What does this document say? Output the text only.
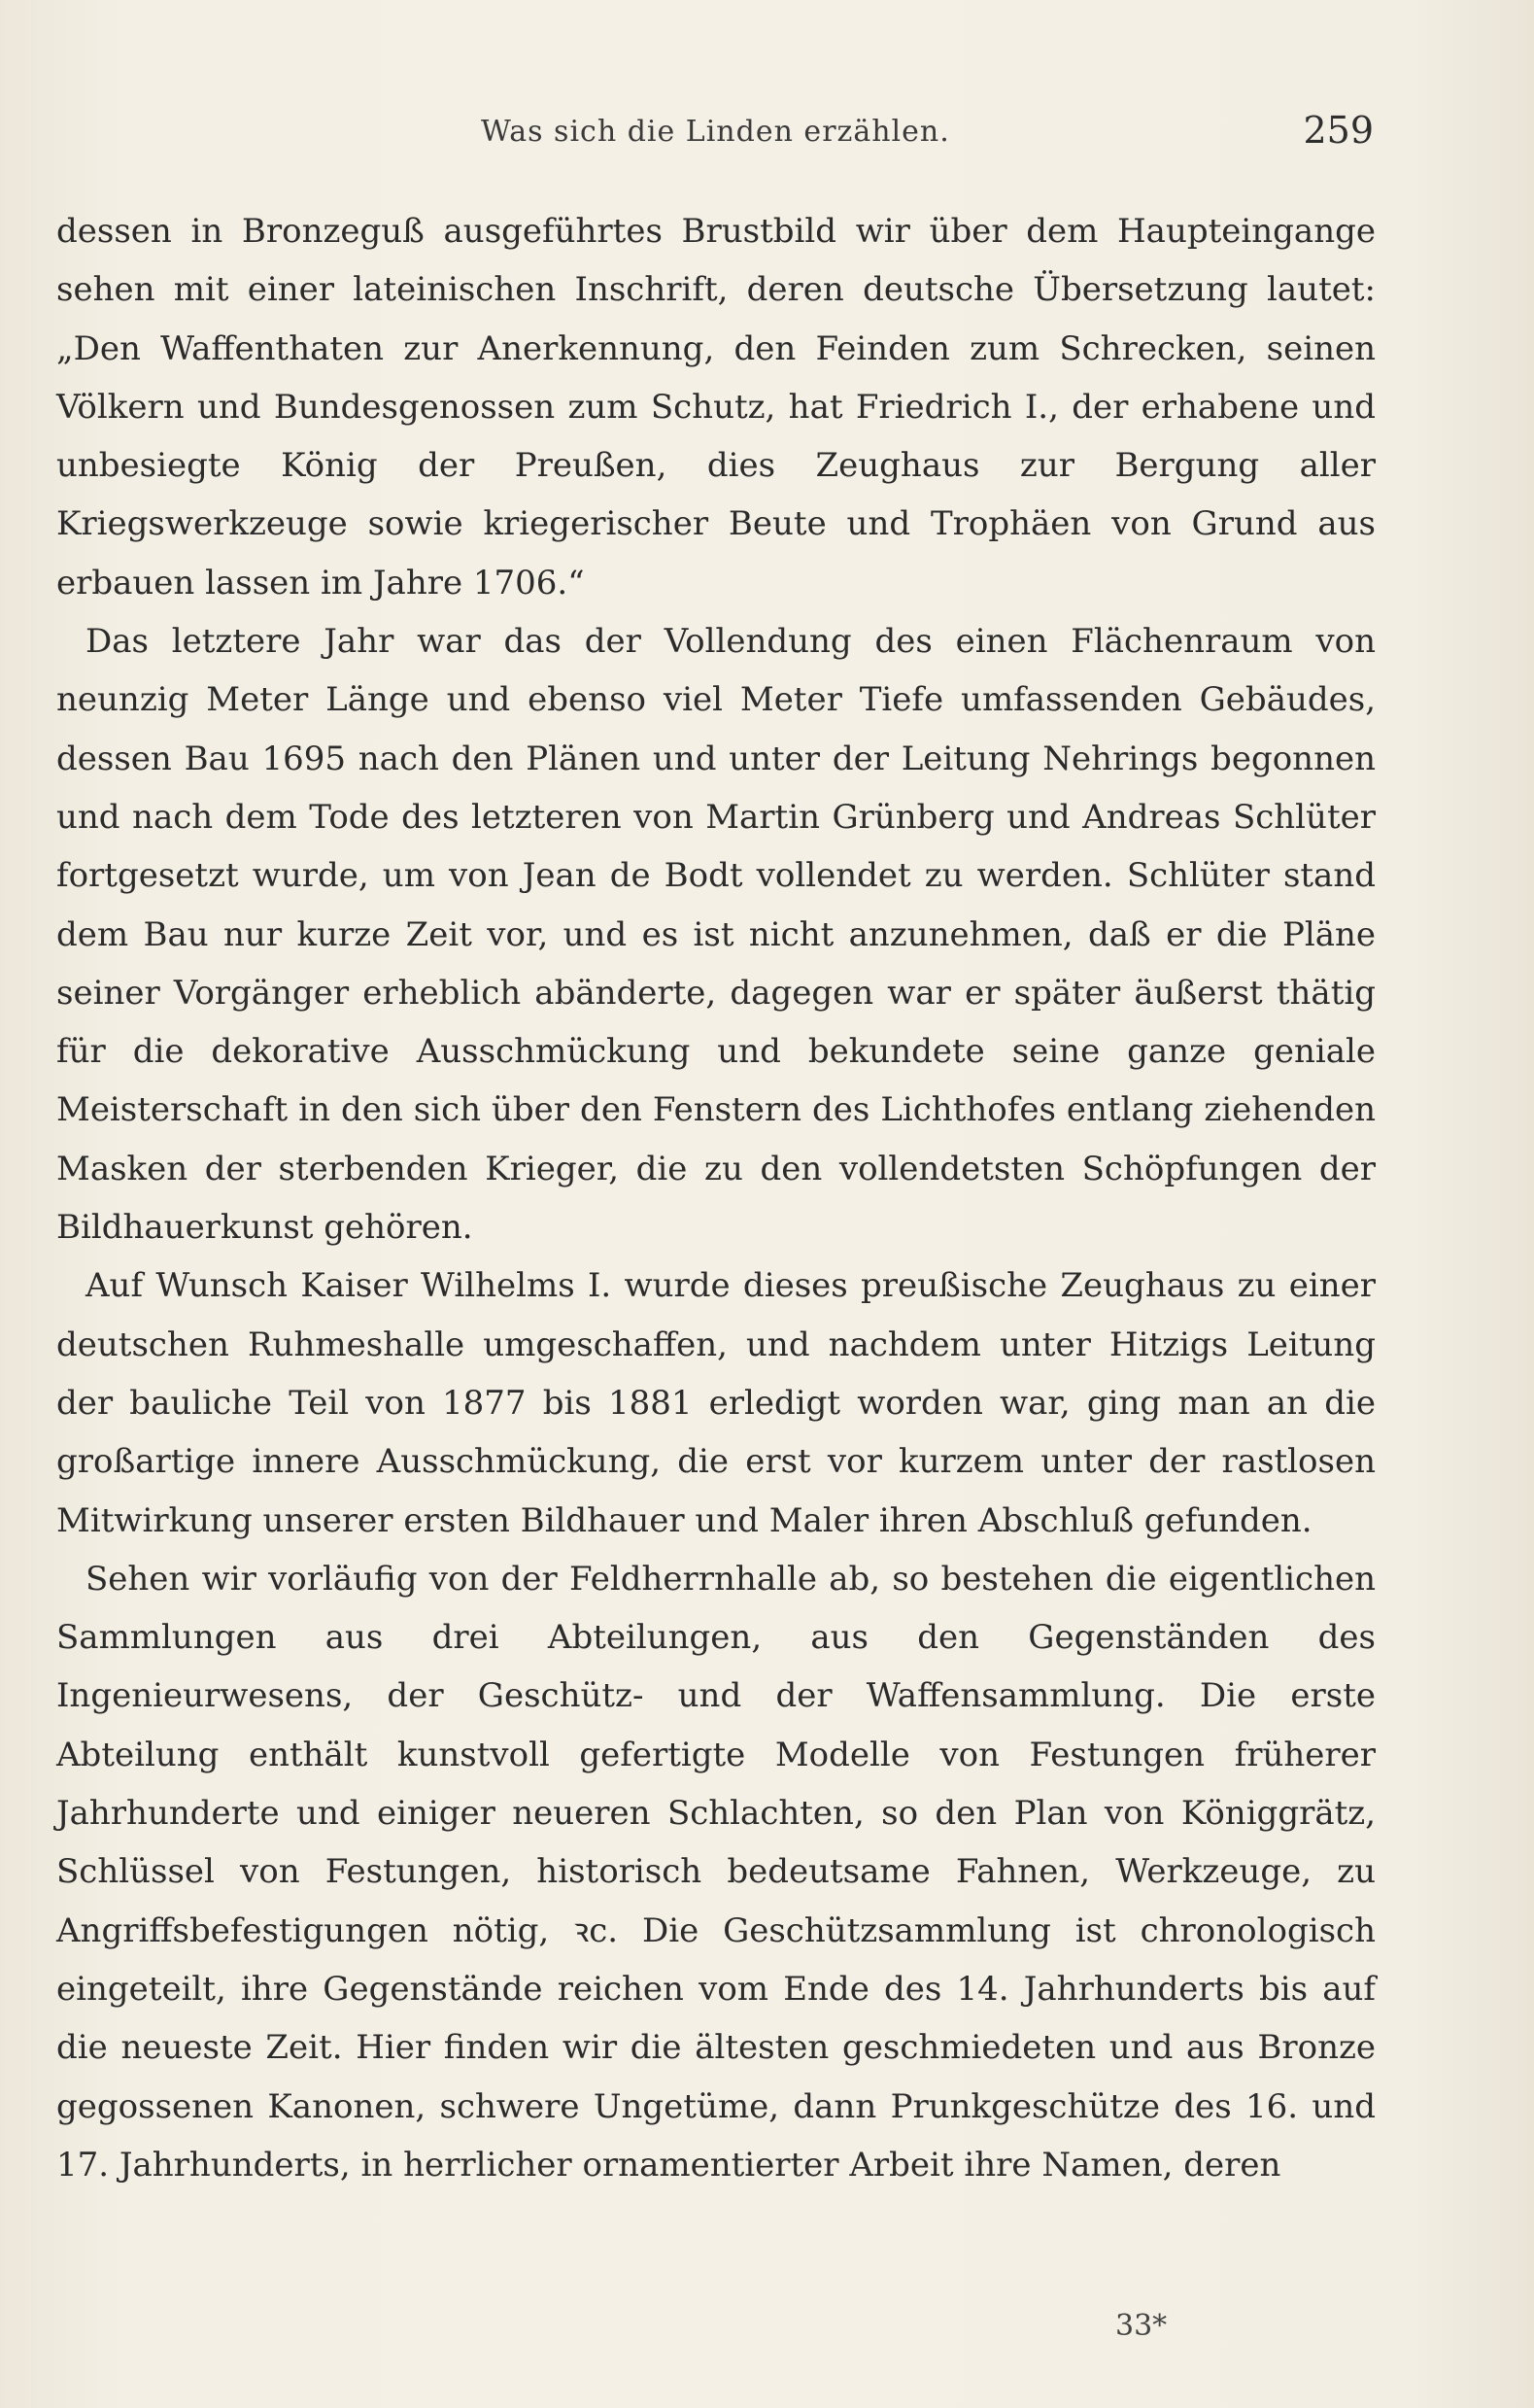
Was sich die Linden erzählen.	259

dessen in Bronzeguß ausgeführtes Brustbild wir über dem Haupteingange sehen mit einer lateinischen Inschrift, deren deutsche Übersetzung lautet: „Den Waffenthaten zur Anerkennung, den Feinden zum Schrecken, seinen Völkern und Bundesgenossen zum Schutz, hat Friedrich I., der erhabene und unbesiegte König der Preußen, dies Zeughaus zur Bergung aller Kriegswerkzeuge sowie kriegerischer Beute und Trophäen von Grund aus erbauen lassen im Jahre 1706.“

Das letztere Jahr war das der Vollendung des einen Flächenraum von neunzig Meter Länge und ebenso viel Meter Tiefe umfassenden Gebäudes, dessen Bau 1695 nach den Plänen und unter der Leitung Nehrings begonnen und nach dem Tode des letzteren von Martin Grünberg und Andreas Schlüter fortgesetzt wurde, um von Jean de Bodt vollendet zu werden. Schlüter stand dem Bau nur kurze Zeit vor, und es ist nicht anzunehmen, daß er die Pläne seiner Vorgänger erheblich abänderte, dagegen war er später äußerst thätig für die dekorative Ausschmückung und bekundete seine ganze geniale Meisterschaft in den sich über den Fenstern des Lichthofes entlang ziehenden Masken der sterbenden Krieger, die zu den vollendetsten Schöpfungen der Bildhauerkunst gehören.

Auf Wunsch Kaiser Wilhelms I. wurde dieses preußische Zeughaus zu einer deutschen Ruhmeshalle umgeschaffen, und nachdem unter Hitzigs Leitung der bauliche Teil von 1877 bis 1881 erledigt worden war, ging man an die großartige innere Ausschmückung, die erst vor kurzem unter der rastlosen Mitwirkung unserer ersten Bildhauer und Maler ihren Abschluß gefunden.

Sehen wir vorläufig von der Feldherrnhalle ab, so bestehen die eigentlichen Sammlungen aus drei Abteilungen, aus den Gegenständen des Ingenieurwesens, der Geschütz- und der Waffensammlung. Die erste Abteilung enthält kunstvoll gefertigte Modelle von Festungen früherer Jahrhunderte und einiger neueren Schlachten, so den Plan von Königgrätz, Schlüssel von Festungen, historisch bedeutsame Fahnen, Werkzeuge, zu Angriffsbefestigungen nötig, ꝛc. Die Geschützsammlung ist chronologisch eingeteilt, ihre Gegenstände reichen vom Ende des 14. Jahrhunderts bis auf die neueste Zeit. Hier finden wir die ältesten geschmiedeten und aus Bronze gegossenen Kanonen, schwere Ungetüme, dann Prunkgeschütze des 16. und 17. Jahrhunderts, in herrlicher ornamentierter Arbeit ihre Namen, deren

33*
